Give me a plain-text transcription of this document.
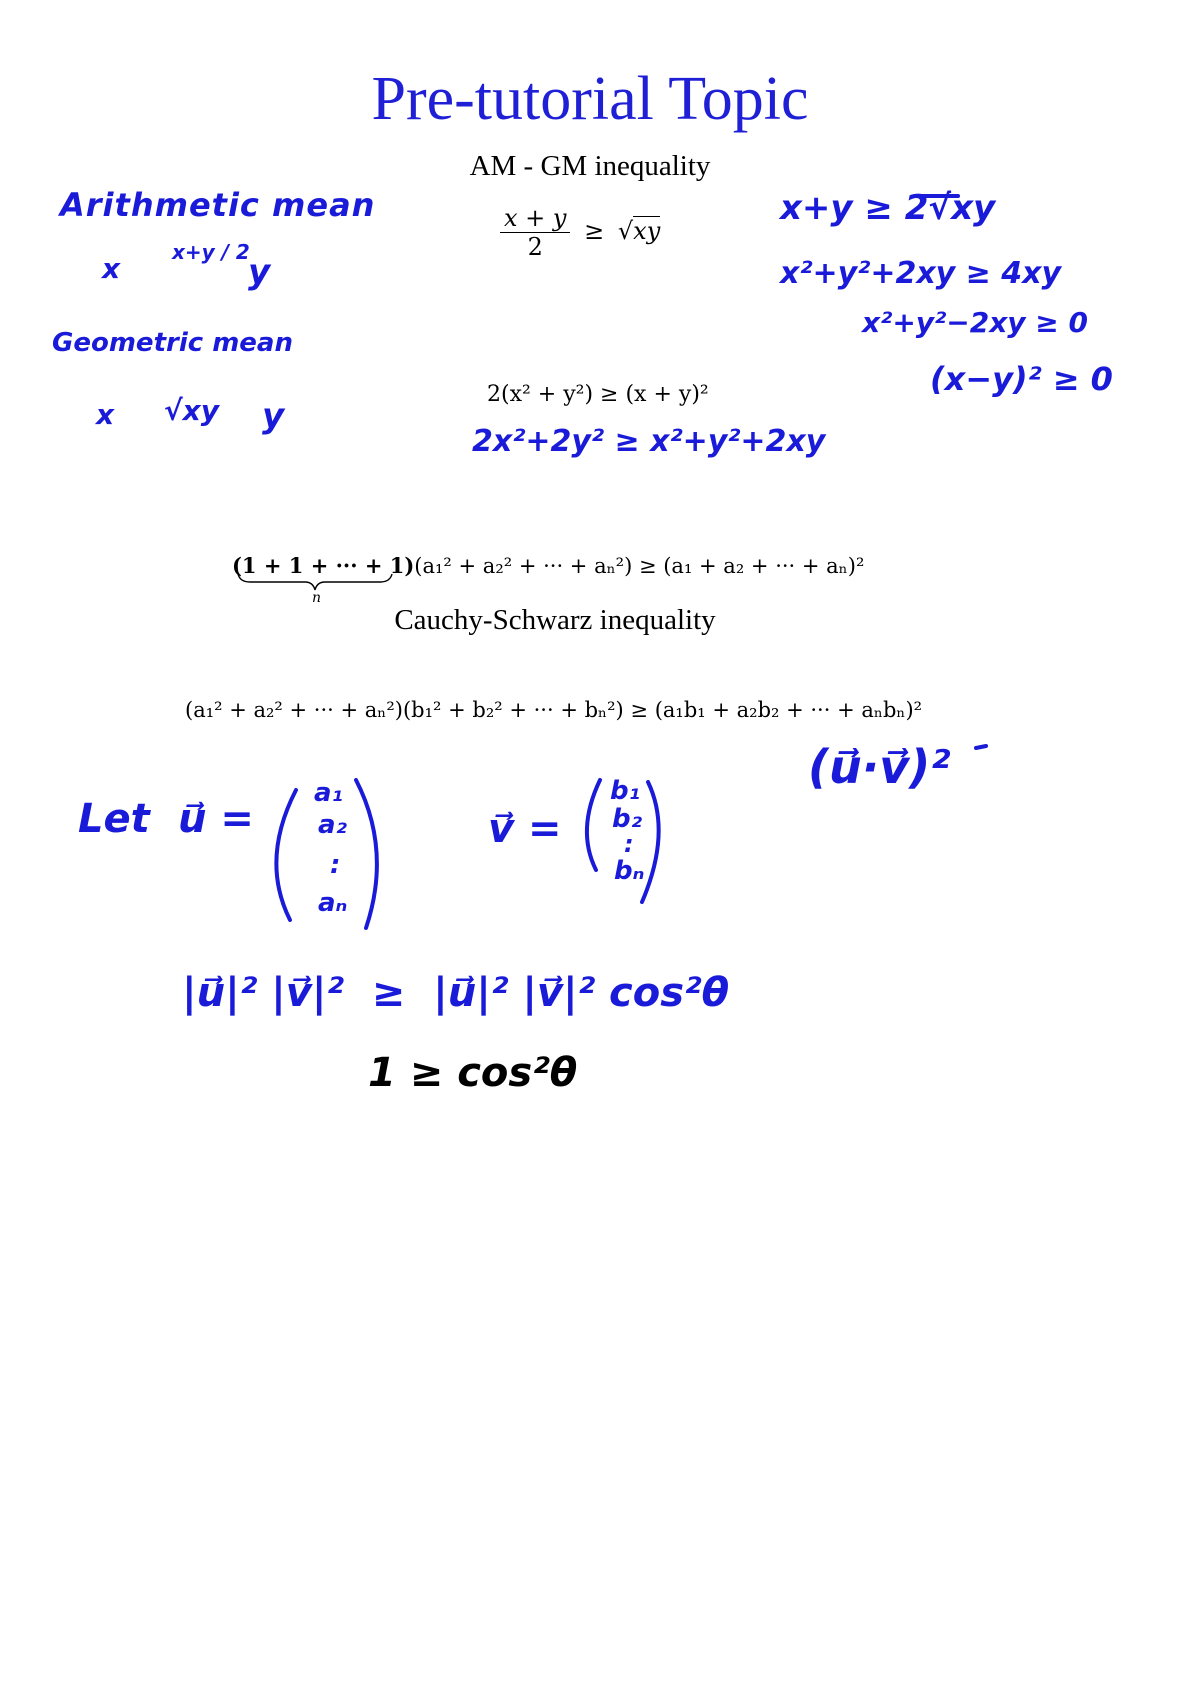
Pre-tutorial Topic
AM - GM inequality
$\frac{x + y}{2} \ge √xy$
2(x² + y²) ≥ (x + y)²
(1 + 1 + ··· + 1)(a₁² + a₂² + ··· + aₙ²) ≥ (a₁ + a₂ + ··· + aₙ)²
n
Cauchy-Schwarz inequality
(a₁² + a₂² + ··· + aₙ²)(b₁² + b₂² + ··· + bₙ²) ≥ (a₁b₁ + a₂b₂ + ··· + aₙbₙ)²
Arithmetic mean
x	x+y / 2
y
Geometric mean
x √xy y
x+y ≥ 2√xy
x²+y²+2xy ≥ 4xy
x²+y²−2xy ≥ 0
(x−y)² ≥ 0
2x²+2y² ≥ x²+y²+2xy
(u⃗·v⃗)²
Let u⃗ =	v⃗ =
a₁
a₂
:
aₙ
b₁
b₂
:
bₙ
|u⃗|² |v⃗|²  ≥  |u⃗|² |v⃗|² cos²θ
1 ≥ cos²θ
